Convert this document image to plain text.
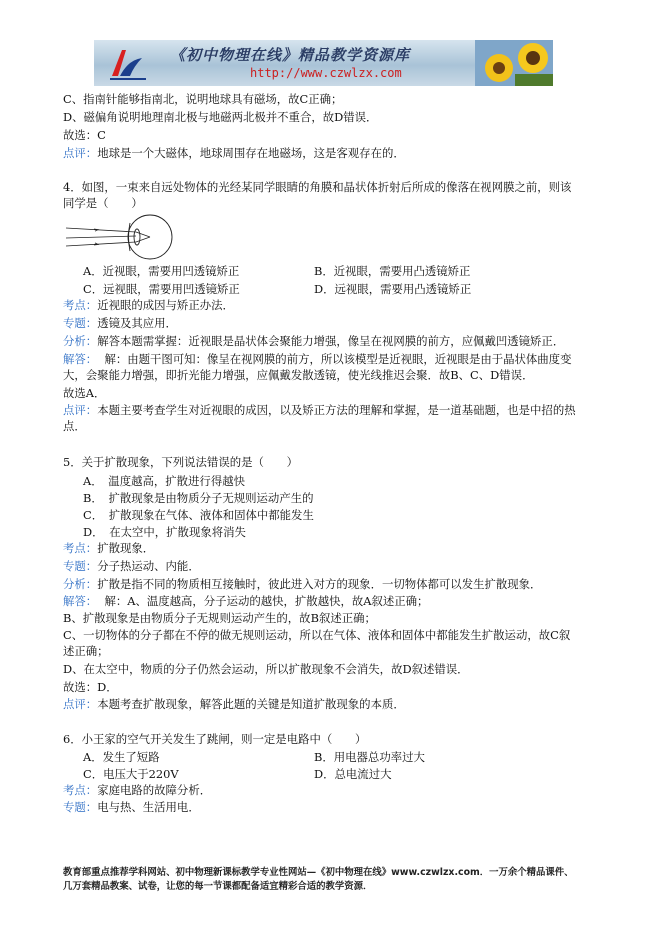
《初中物理在线》精品教学资源库
http://www.czwlzx.com
C、指南针能够指南北，说明地球具有磁场，故C正确；
D、磁偏角说明地理南北极与地磁两北极并不重合，故D错误．
故选：C
点评：地球是一个大磁体，地球周围存在地磁场，这是客观存在的．
4．如图，一束来自远处物体的光经某同学眼睛的角膜和晶状体折射后所成的像落在视网膜之前，则该
同学是（　　）
A．近视眼，需要用凹透镜矫正	B．近视眼，需要用凸透镜矫正
C．远视眼，需要用凹透镜矫正	D．远视眼，需要用凸透镜矫正
考点：近视眼的成因与矫正办法．
专题：透镜及其应用．
分析：解答本题需掌握：近视眼是晶状体会聚能力增强，像呈在视网膜的前方，应佩戴凹透镜矫正．
解答： 解：由题干图可知：像呈在视网膜的前方，所以该模型是近视眼，近视眼是由于晶状体曲度变
大，会聚能力增强，即折光能力增强，应佩戴发散透镜，使光线推迟会聚．故B、C、D错误．
故选A．
点评：本题主要考查学生对近视眼的成因，以及矫正方法的理解和掌握，是一道基础题，也是中招的热
点．
5．关于扩散现象，下列说法错误的是（　　）
A．　温度越高，扩散进行得越快
B．　扩散现象是由物质分子无规则运动产生的
C．　扩散现象在气体、液体和固体中都能发生
D．　在太空中，扩散现象将消失
考点：扩散现象．
专题：分子热运动、内能．
分析：扩散是指不同的物质相互接触时，彼此进入对方的现象．一切物体都可以发生扩散现象．
解答： 解：A、温度越高，分子运动的越快，扩散越快，故A叙述正确；
B、扩散现象是由物质分子无规则运动产生的，故B叙述正确；
C、一切物体的分子都在不停的做无规则运动，所以在气体、液体和固体中都能发生扩散运动，故C叙
述正确；
D、在太空中，物质的分子仍然会运动，所以扩散现象不会消失，故D叙述错误．
故选：D．
点评：本题考查扩散现象，解答此题的关键是知道扩散现象的本质．
6．小王家的空气开关发生了跳闸，则一定是电路中（　　）
A．发生了短路	B．用电器总功率过大
C．电压大于220V	D．总电流过大
考点：家庭电路的故障分析．
专题：电与热、生活用电．
教育部重点推荐学科网站、初中物理新课标教学专业性网站—《初中物理在线》www.czwlzx.com．一万余个精品课件、
几万套精品教案、试卷，让您的每一节课都配备适宜精彩合适的教学资源．
